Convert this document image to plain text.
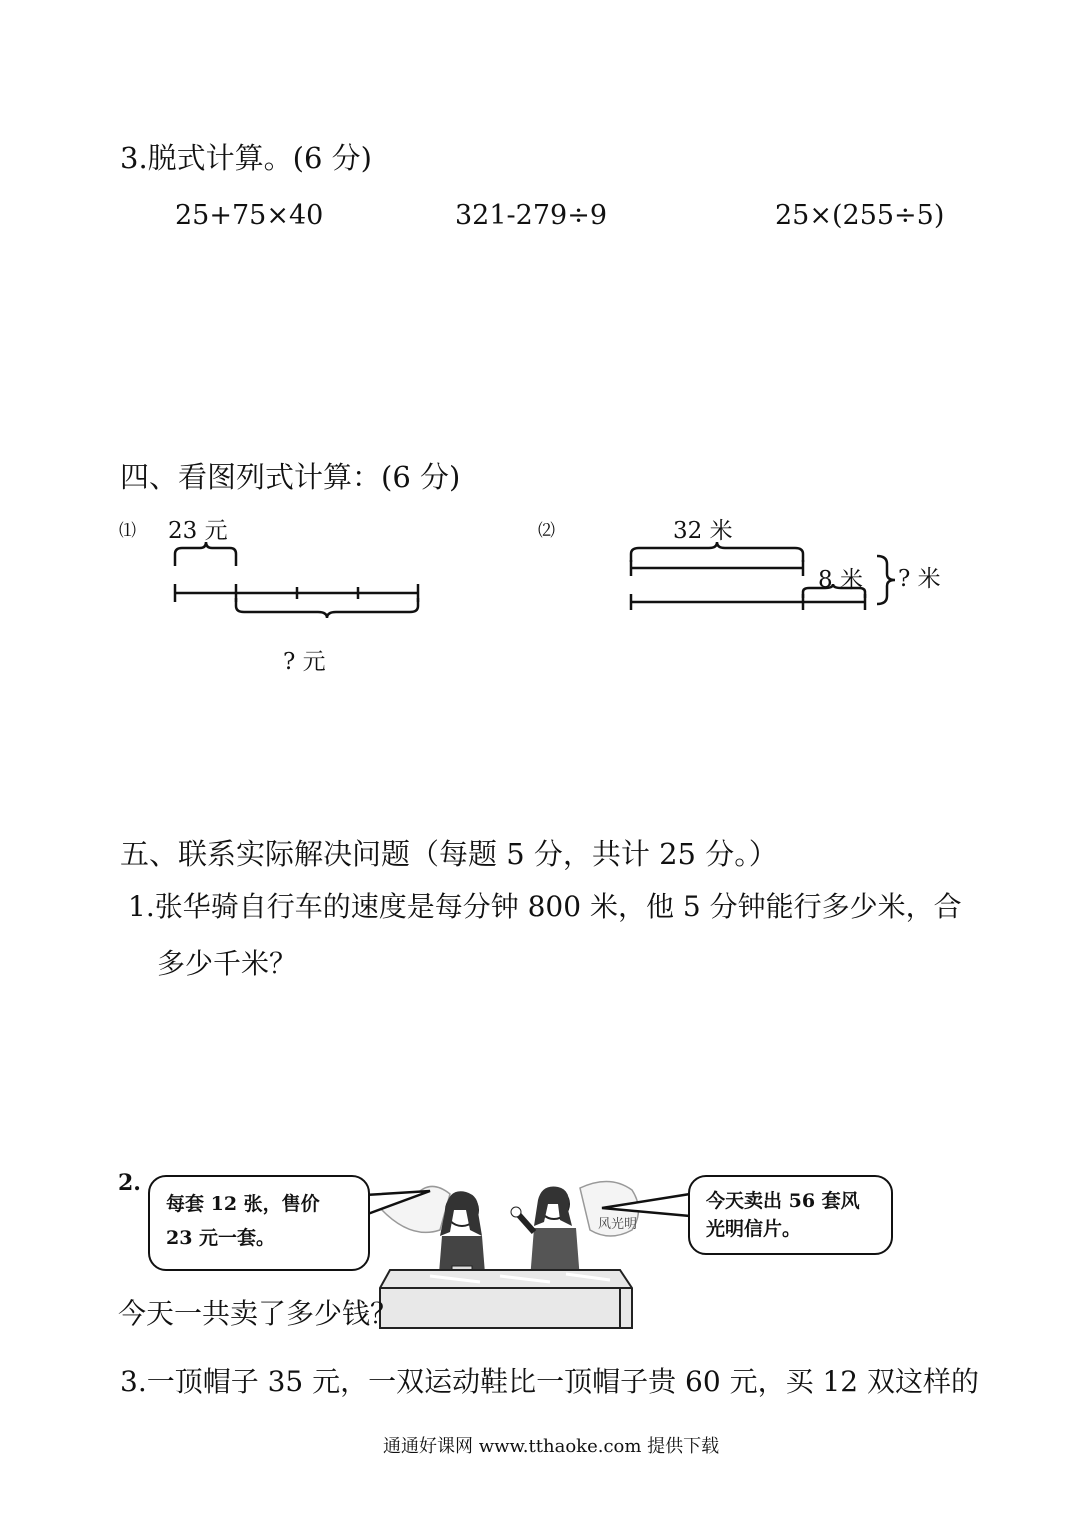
3.脱式计算。(6 分)
25+75×40	321-279÷9	25×(255÷5)
四、看图列式计算：(6 分)
⑴ 23 元
? 元
⑵	32 米
8 米 ? 米
五、联系实际解决问题（每题 5 分，共计 25 分。）
1.张华骑自行车的速度是每分钟 800 米，他 5 分钟能行多少米，合
多少千米？
2.
风光明
每套 12 张，售价 23 元一套。
今天卖出 56 套风光明信片。
今天一共卖了多少钱？
3.一顶帽子 35 元，一双运动鞋比一顶帽子贵 60 元，买 12 双这样的
通通好课网 www.tthaoke.com 提供下载
